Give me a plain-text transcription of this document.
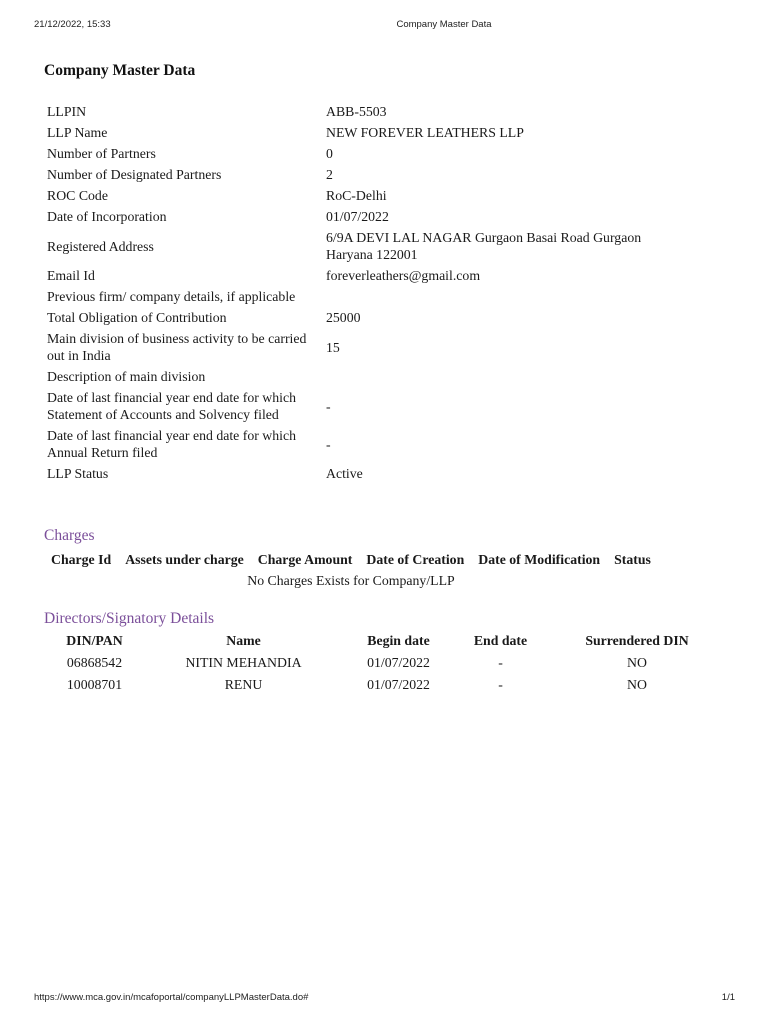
21/12/2022, 15:33	Company Master Data
Company Master Data
LLPIN	ABB-5503
LLP Name	NEW FOREVER LEATHERS LLP
Number of Partners	0
Number of Designated Partners	2
ROC Code	RoC-Delhi
Date of Incorporation	01/07/2022
Registered Address	6/9A DEVI LAL NAGAR Gurgaon Basai Road Gurgaon Haryana 122001
Email Id	foreverleathers@gmail.com
Previous firm/ company details, if applicable	
Total Obligation of Contribution	25000
Main division of business activity to be carried out in India	15
Description of main division	
Date of last financial year end date for which Statement of Accounts and Solvency filed	-
Date of last financial year end date for which Annual Return filed	-
LLP Status	Active
Charges
Charge Id	Assets under charge	Charge Amount	Date of Creation	Date of Modification	Status
No Charges Exists for Company/LLP
Directors/Signatory Details
DIN/PAN	Name	Begin date	End date	Surrendered DIN
06868542	NITIN MEHANDIA	01/07/2022	-	NO
10008701	RENU	01/07/2022	-	NO
https://www.mca.gov.in/mcafoportal/companyLLPMasterData.do#	1/1
